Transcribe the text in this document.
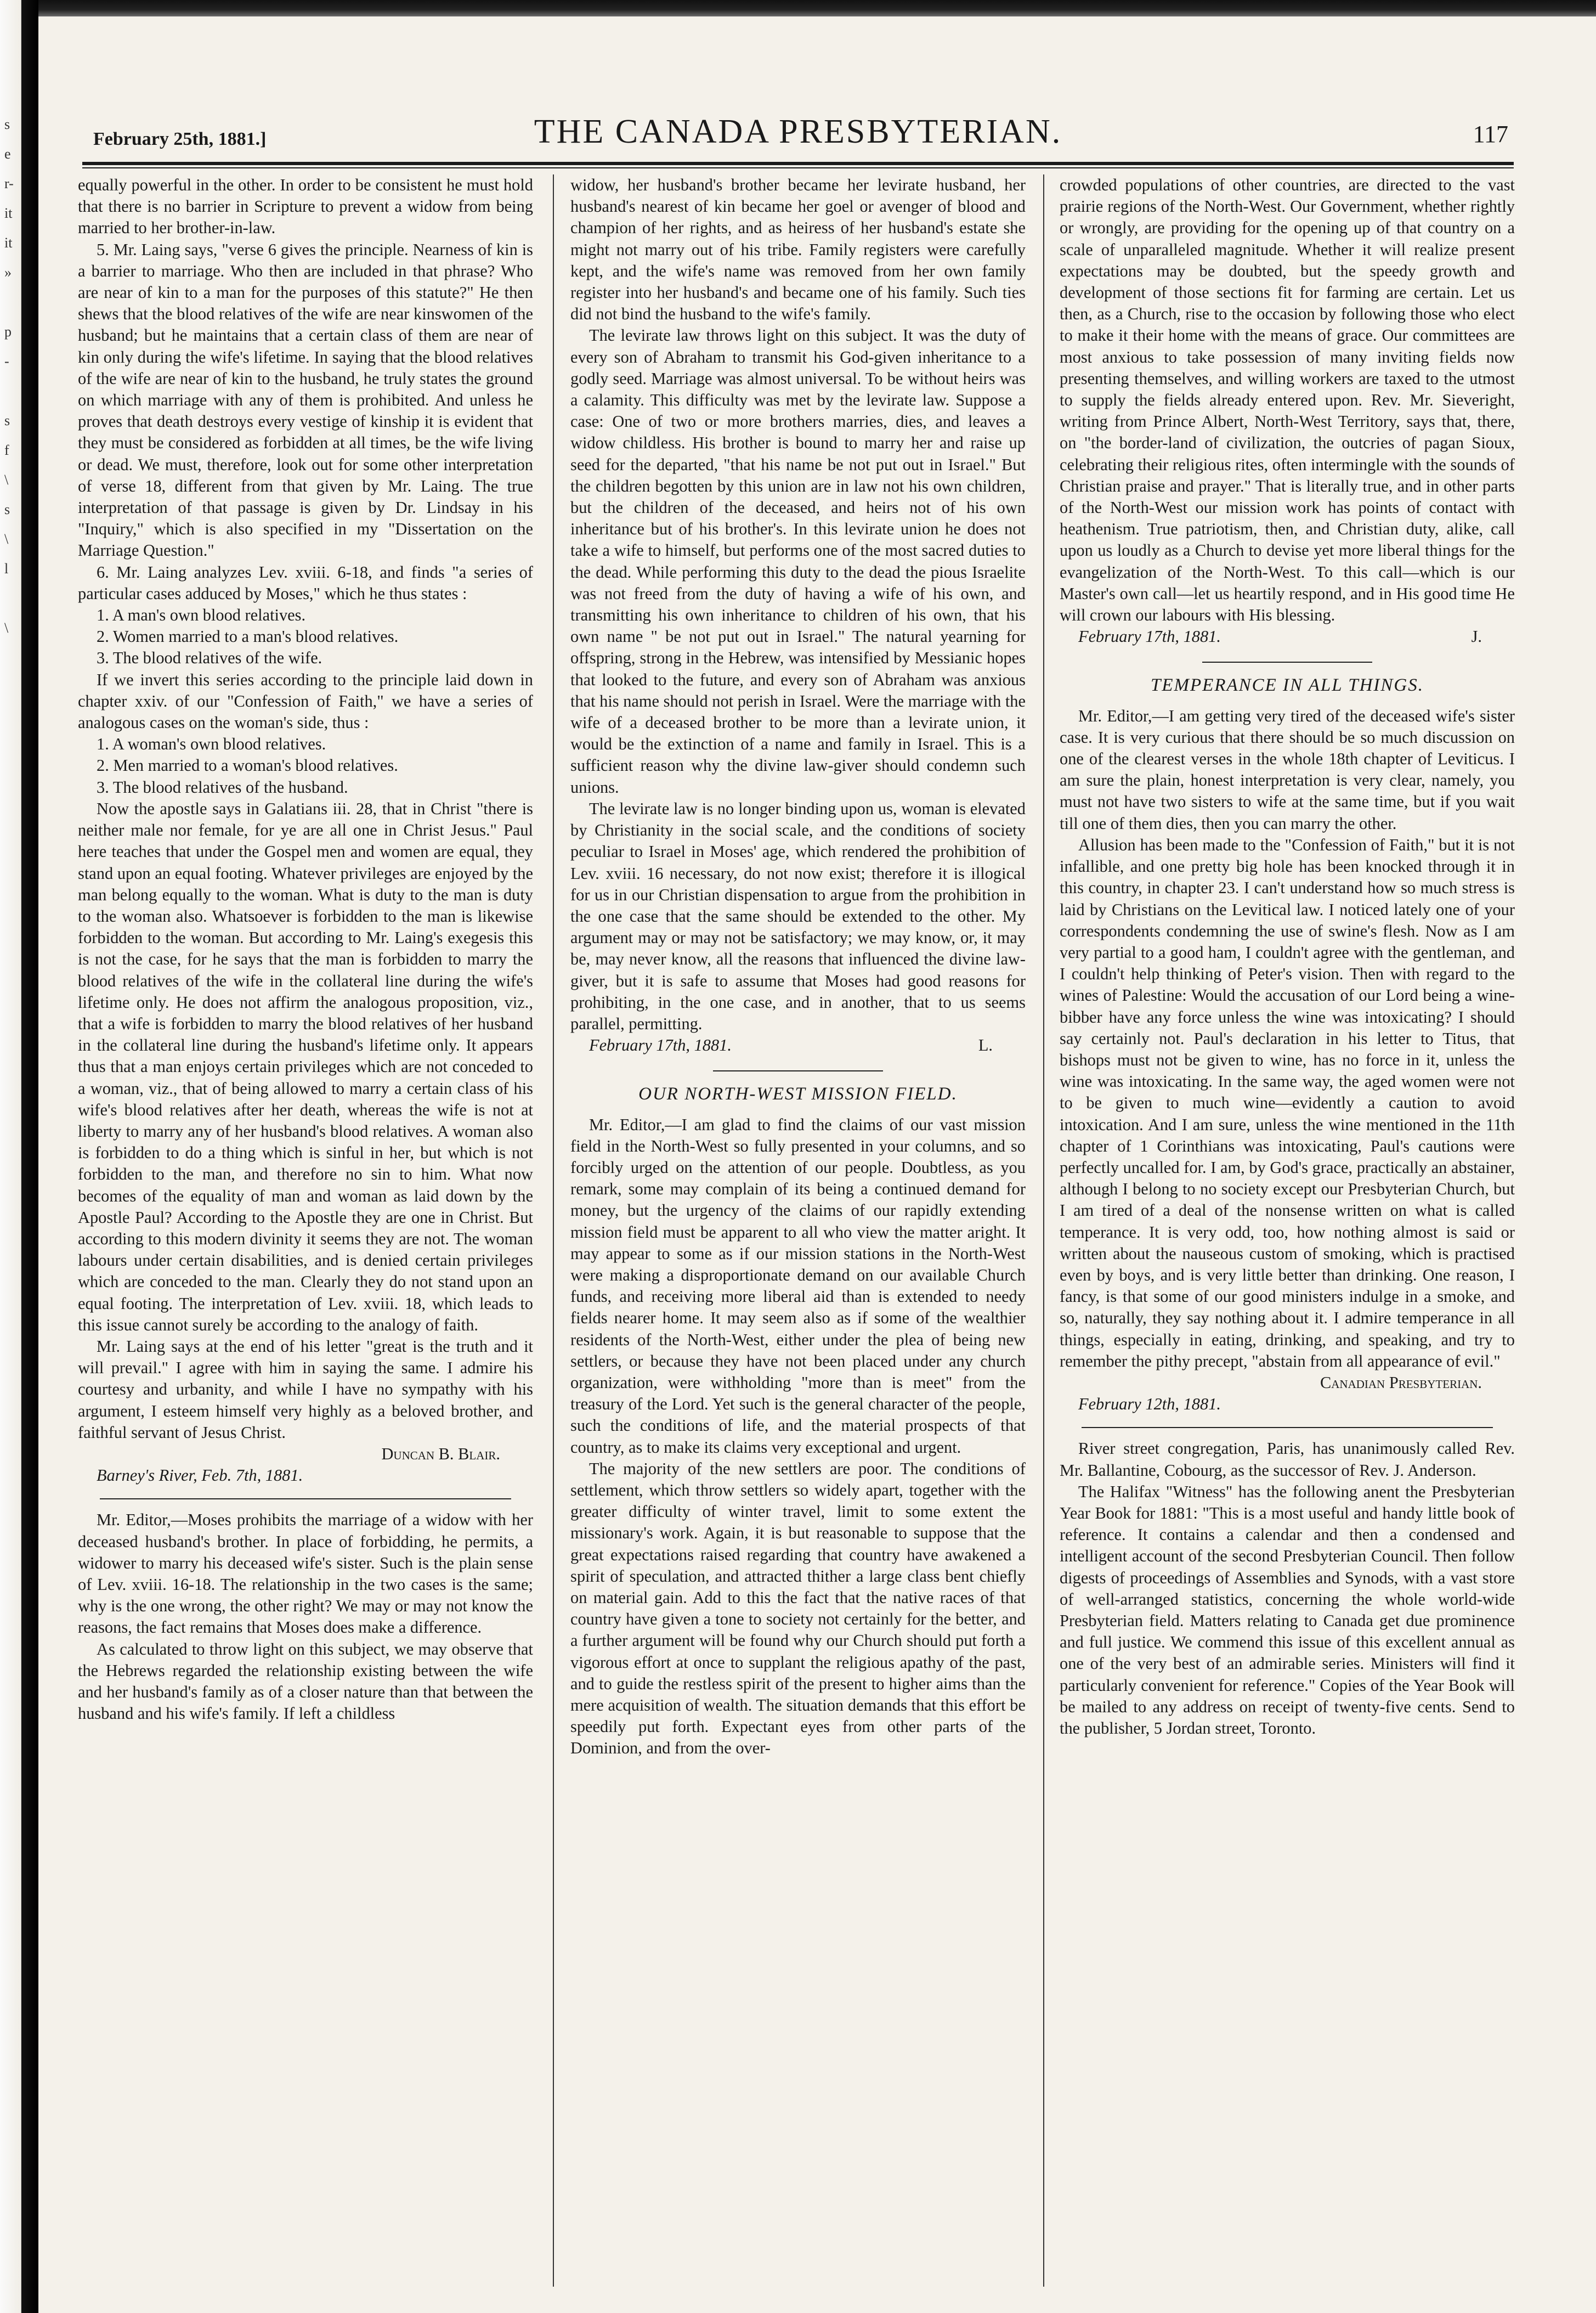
s
e
r-
it
it
»

p
-

s
f
\
s
\
l

\
February 25th, 1881.]	THE CANADA PRESBYTERIAN.	117

equally powerful in the other. In order to be consistent he must hold that there is no barrier in Scripture to prevent a widow from being married to her brother-in-law.

5. Mr. Laing says, "verse 6 gives the principle. Nearness of kin is a barrier to marriage. Who then are included in that phrase? Who are near of kin to a man for the purposes of this statute?" He then shews that the blood relatives of the wife are near kinswomen of the husband; but he maintains that a certain class of them are near of kin only during the wife's lifetime. In saying that the blood relatives of the wife are near of kin to the husband, he truly states the ground on which marriage with any of them is prohibited. And unless he proves that death destroys every vestige of kinship it is evident that they must be considered as forbidden at all times, be the wife living or dead. We must, therefore, look out for some other interpretation of verse 18, different from that given by Mr. Laing. The true interpretation of that passage is given by Dr. Lindsay in his "Inquiry," which is also specified in my "Dissertation on the Marriage Question."

6. Mr. Laing analyzes Lev. xviii. 6-18, and finds "a series of particular cases adduced by Moses," which he thus states :

1. A man's own blood relatives.

2. Women married to a man's blood relatives.

3. The blood relatives of the wife.

If we invert this series according to the principle laid down in chapter xxiv. of our "Confession of Faith," we have a series of analogous cases on the woman's side, thus :

1. A woman's own blood relatives.

2. Men married to a woman's blood relatives.

3. The blood relatives of the husband.

Now the apostle says in Galatians iii. 28, that in Christ "there is neither male nor female, for ye are all one in Christ Jesus." Paul here teaches that under the Gospel men and women are equal, they stand upon an equal footing. Whatever privileges are enjoyed by the man belong equally to the woman. What is duty to the man is duty to the woman also. Whatsoever is forbidden to the man is likewise forbidden to the woman. But according to Mr. Laing's exegesis this is not the case, for he says that the man is forbidden to marry the blood relatives of the wife in the collateral line during the wife's lifetime only. He does not affirm the analogous proposition, viz., that a wife is forbidden to marry the blood relatives of her husband in the collateral line during the husband's lifetime only. It appears thus that a man enjoys certain privileges which are not conceded to a woman, viz., that of being allowed to marry a certain class of his wife's blood relatives after her death, whereas the wife is not at liberty to marry any of her husband's blood relatives. A woman also is forbidden to do a thing which is sinful in her, but which is not forbidden to the man, and therefore no sin to him. What now becomes of the equality of man and woman as laid down by the Apostle Paul? According to the Apostle they are one in Christ. But according to this modern divinity it seems they are not. The woman labours under certain disabilities, and is denied certain privileges which are conceded to the man. Clearly they do not stand upon an equal footing. The interpretation of Lev. xviii. 18, which leads to this issue cannot surely be according to the analogy of faith.

Mr. Laing says at the end of his letter "great is the truth and it will prevail." I agree with him in saying the same. I admire his courtesy and urbanity, and while I have no sympathy with his argument, I esteem himself very highly as a beloved brother, and faithful servant of Jesus Christ.

Duncan B. Blair.

Barney's River, Feb. 7th, 1881.

Mr. Editor,—Moses prohibits the marriage of a widow with her deceased husband's brother. In place of forbidding, he permits, a widower to marry his deceased wife's sister. Such is the plain sense of Lev. xviii. 16-18. The relationship in the two cases is the same; why is the one wrong, the other right? We may or may not know the reasons, the fact remains that Moses does make a difference.

As calculated to throw light on this subject, we may observe that the Hebrews regarded the relationship existing between the wife and her husband's family as of a closer nature than that between the husband and his wife's family. If left a childless

widow, her husband's brother became her levirate husband, her husband's nearest of kin became her goel or avenger of blood and champion of her rights, and as heiress of her husband's estate she might not marry out of his tribe. Family registers were carefully kept, and the wife's name was removed from her own family register into her husband's and became one of his family. Such ties did not bind the husband to the wife's family.

The levirate law throws light on this subject. It was the duty of every son of Abraham to transmit his God-given inheritance to a godly seed. Marriage was almost universal. To be without heirs was a calamity. This difficulty was met by the levirate law. Suppose a case: One of two or more brothers marries, dies, and leaves a widow childless. His brother is bound to marry her and raise up seed for the departed, "that his name be not put out in Israel." But the children begotten by this union are in law not his own children, but the children of the deceased, and heirs not of his own inheritance but of his brother's. In this levirate union he does not take a wife to himself, but performs one of the most sacred duties to the dead. While performing this duty to the dead the pious Israelite was not freed from the duty of having a wife of his own, and transmitting his own inheritance to children of his own, that his own name " be not put out in Israel." The natural yearning for offspring, strong in the Hebrew, was intensified by Messianic hopes that looked to the future, and every son of Abraham was anxious that his name should not perish in Israel. Were the marriage with the wife of a deceased brother to be more than a levirate union, it would be the extinction of a name and family in Israel. This is a sufficient reason why the divine law-giver should condemn such unions.

The levirate law is no longer binding upon us, woman is elevated by Christianity in the social scale, and the conditions of society peculiar to Israel in Moses' age, which rendered the prohibition of Lev. xviii. 16 necessary, do not now exist; therefore it is illogical for us in our Christian dispensation to argue from the prohibition in the one case that the same should be extended to the other. My argument may or may not be satisfactory; we may know, or, it may be, may never know, all the reasons that influenced the divine law-giver, but it is safe to assume that Moses had good reasons for prohibiting, in the one case, and in another, that to us seems parallel, permitting.

February 17th, 1881.	L.

OUR NORTH-WEST MISSION FIELD.

Mr. Editor,—I am glad to find the claims of our vast mission field in the North-West so fully presented in your columns, and so forcibly urged on the attention of our people. Doubtless, as you remark, some may complain of its being a continued demand for money, but the urgency of the claims of our rapidly extending mission field must be apparent to all who view the matter aright. It may appear to some as if our mission stations in the North-West were making a disproportionate demand on our available Church funds, and receiving more liberal aid than is extended to needy fields nearer home. It may seem also as if some of the wealthier residents of the North-West, either under the plea of being new settlers, or because they have not been placed under any church organization, were withholding "more than is meet" from the treasury of the Lord. Yet such is the general character of the people, such the conditions of life, and the material prospects of that country, as to make its claims very exceptional and urgent.

The majority of the new settlers are poor. The conditions of settlement, which throw settlers so widely apart, together with the greater difficulty of winter travel, limit to some extent the missionary's work. Again, it is but reasonable to suppose that the great expectations raised regarding that country have awakened a spirit of speculation, and attracted thither a large class bent chiefly on material gain. Add to this the fact that the native races of that country have given a tone to society not certainly for the better, and a further argument will be found why our Church should put forth a vigorous effort at once to supplant the religious apathy of the past, and to guide the restless spirit of the present to higher aims than the mere acquisition of wealth. The situation demands that this effort be speedily put forth. Expectant eyes from other parts of the Dominion, and from the over-

crowded populations of other countries, are directed to the vast prairie regions of the North-West. Our Government, whether rightly or wrongly, are providing for the opening up of that country on a scale of unparalleled magnitude. Whether it will realize present expectations may be doubted, but the speedy growth and development of those sections fit for farming are certain. Let us then, as a Church, rise to the occasion by following those who elect to make it their home with the means of grace. Our committees are most anxious to take possession of many inviting fields now presenting themselves, and willing workers are taxed to the utmost to supply the fields already entered upon. Rev. Mr. Sieveright, writing from Prince Albert, North-West Territory, says that, there, on "the border-land of civilization, the outcries of pagan Sioux, celebrating their religious rites, often intermingle with the sounds of Christian praise and prayer." That is literally true, and in other parts of the North-West our mission work has points of contact with heathenism. True patriotism, then, and Christian duty, alike, call upon us loudly as a Church to devise yet more liberal things for the evangelization of the North-West. To this call—which is our Master's own call—let us heartily respond, and in His good time He will crown our labours with His blessing.

February 17th, 1881.	J.

TEMPERANCE IN ALL THINGS.

Mr. Editor,—I am getting very tired of the deceased wife's sister case. It is very curious that there should be so much discussion on one of the clearest verses in the whole 18th chapter of Leviticus. I am sure the plain, honest interpretation is very clear, namely, you must not have two sisters to wife at the same time, but if you wait till one of them dies, then you can marry the other.

Allusion has been made to the "Confession of Faith," but it is not infallible, and one pretty big hole has been knocked through it in this country, in chapter 23. I can't understand how so much stress is laid by Christians on the Levitical law. I noticed lately one of your correspondents condemning the use of swine's flesh. Now as I am very partial to a good ham, I couldn't agree with the gentleman, and I couldn't help thinking of Peter's vision. Then with regard to the wines of Palestine: Would the accusation of our Lord being a wine-bibber have any force unless the wine was intoxicating? I should say certainly not. Paul's declaration in his letter to Titus, that bishops must not be given to wine, has no force in it, unless the wine was intoxicating. In the same way, the aged women were not to be given to much wine—evidently a caution to avoid intoxication. And I am sure, unless the wine mentioned in the 11th chapter of 1 Corinthians was intoxicating, Paul's cautions were perfectly uncalled for. I am, by God's grace, practically an abstainer, although I belong to no society except our Presbyterian Church, but I am tired of a deal of the nonsense written on what is called temperance. It is very odd, too, how nothing almost is said or written about the nauseous custom of smoking, which is practised even by boys, and is very little better than drinking. One reason, I fancy, is that some of our good ministers indulge in a smoke, and so, naturally, they say nothing about it. I admire temperance in all things, especially in eating, drinking, and speaking, and try to remember the pithy precept, "abstain from all appearance of evil."

Canadian Presbyterian.

February 12th, 1881.

River street congregation, Paris, has unanimously called Rev. Mr. Ballantine, Cobourg, as the successor of Rev. J. Anderson.

The Halifax "Witness" has the following anent the Presbyterian Year Book for 1881: "This is a most useful and handy little book of reference. It contains a calendar and then a condensed and intelligent account of the second Presbyterian Council. Then follow digests of proceedings of Assemblies and Synods, with a vast store of well-arranged statistics, concerning the whole world-wide Presbyterian field. Matters relating to Canada get due prominence and full justice. We commend this issue of this excellent annual as one of the very best of an admirable series. Ministers will find it particularly convenient for reference." Copies of the Year Book will be mailed to any address on receipt of twenty-five cents. Send to the publisher, 5 Jordan street, Toronto.
